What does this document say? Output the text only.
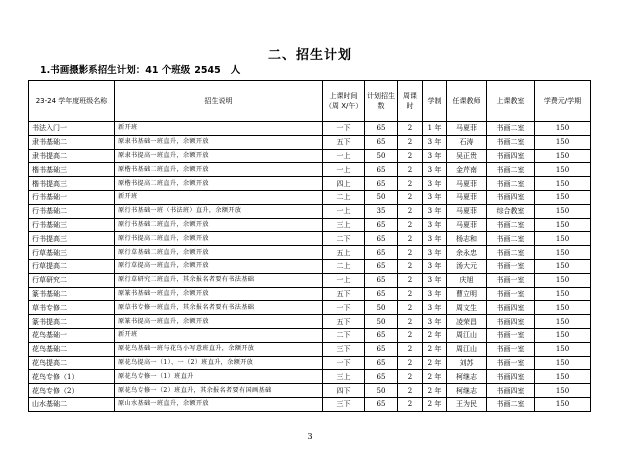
二、招生计划
1.书画摄影系招生计划：41 个班级 2545 人
23-24 学年度班级名称	招生说明	上课时间（周 X/午）	计划招生数	周课时	学制	任课教师	上课教室	学费元/学期
书法入门一	新开班	一下	65	2	1 年	马夏菲	书画二室	150
隶书基础二	原隶书基础一班直升，余额开放	五下	65	2	3 年	石涛	书画二室	150
隶书提高二	原隶书提高一班直升，余额开放	一上	50	2	3 年	吴正贵	书画四室	150
楷书基础三	原楷书基础二班直升，余额开放	一上	65	2	3 年	金芹南	书画二室	150
楷书提高三	原楷书提高二班直升，余额开放	四上	65	2	3 年	马夏菲	书画二室	150
行书基础一	新开班	二上	50	2	3 年	马夏菲	书画四室	150
行书基础二	原行书基础一班（书法班）直升，余额开放	一上	35	2	3 年	马夏菲	综合教室	150
行书基础三	原行书基础二班直升，余额开放	三上	65	2	3 年	马夏菲	书画二室	150
行书提高三	原行书提高二班直升，余额开放	二下	65	2	3 年	杨志和	书画二室	150
行草基础三	原行草基础二班直升，余额开放	五上	65	2	3 年	余永忠	书画二室	150
行草提高二	原行草提高一班直升，余额开放	二上	65	2	3 年	汤大元	书画一室	150
行草研究二	原行草研究二班直升，其余报名者要有书法基础	一上	65	2	3 年	庆旭	书画一室	150
篆书基础二	原篆书基础一班直升，余额开放	五下	65	2	3 年	曹立明	书画一室	150
草书专修二	原草书专修一班直升，其余报名者要有书法基础	一下	50	2	3 年	周文生	书画四室	150
篆书提高二	原篆书提高一班直升，余额开放	五下	50	2	3 年	凌荣昌	书画四室	150
花鸟基础一	新开班	二下	65	2	2 年	周江山	书画一室	150
花鸟基础二	原花鸟基础一班与花鸟小写意班直升，余额开放	三下	65	2	2 年	周江山	书画一室	150
花鸟提高二	原花鸟提高一（1）、一（2）班直升，余额开放	一下	65	2	2 年	刘苏	书画一室	150
花鸟专修（1）	原花鸟专修一（1）班直升	三上	65	2	2 年	柯继志	书画四室	150
花鸟专修（2）	原花鸟专修一（2）班直升，其余报名者要有国画基础	四下	50	2	2 年	柯继志	书画四室	150
山水基础二	原山水基础一班直升，余额开放	三下	65	2	2 年	王为民	书画二室	150
3
